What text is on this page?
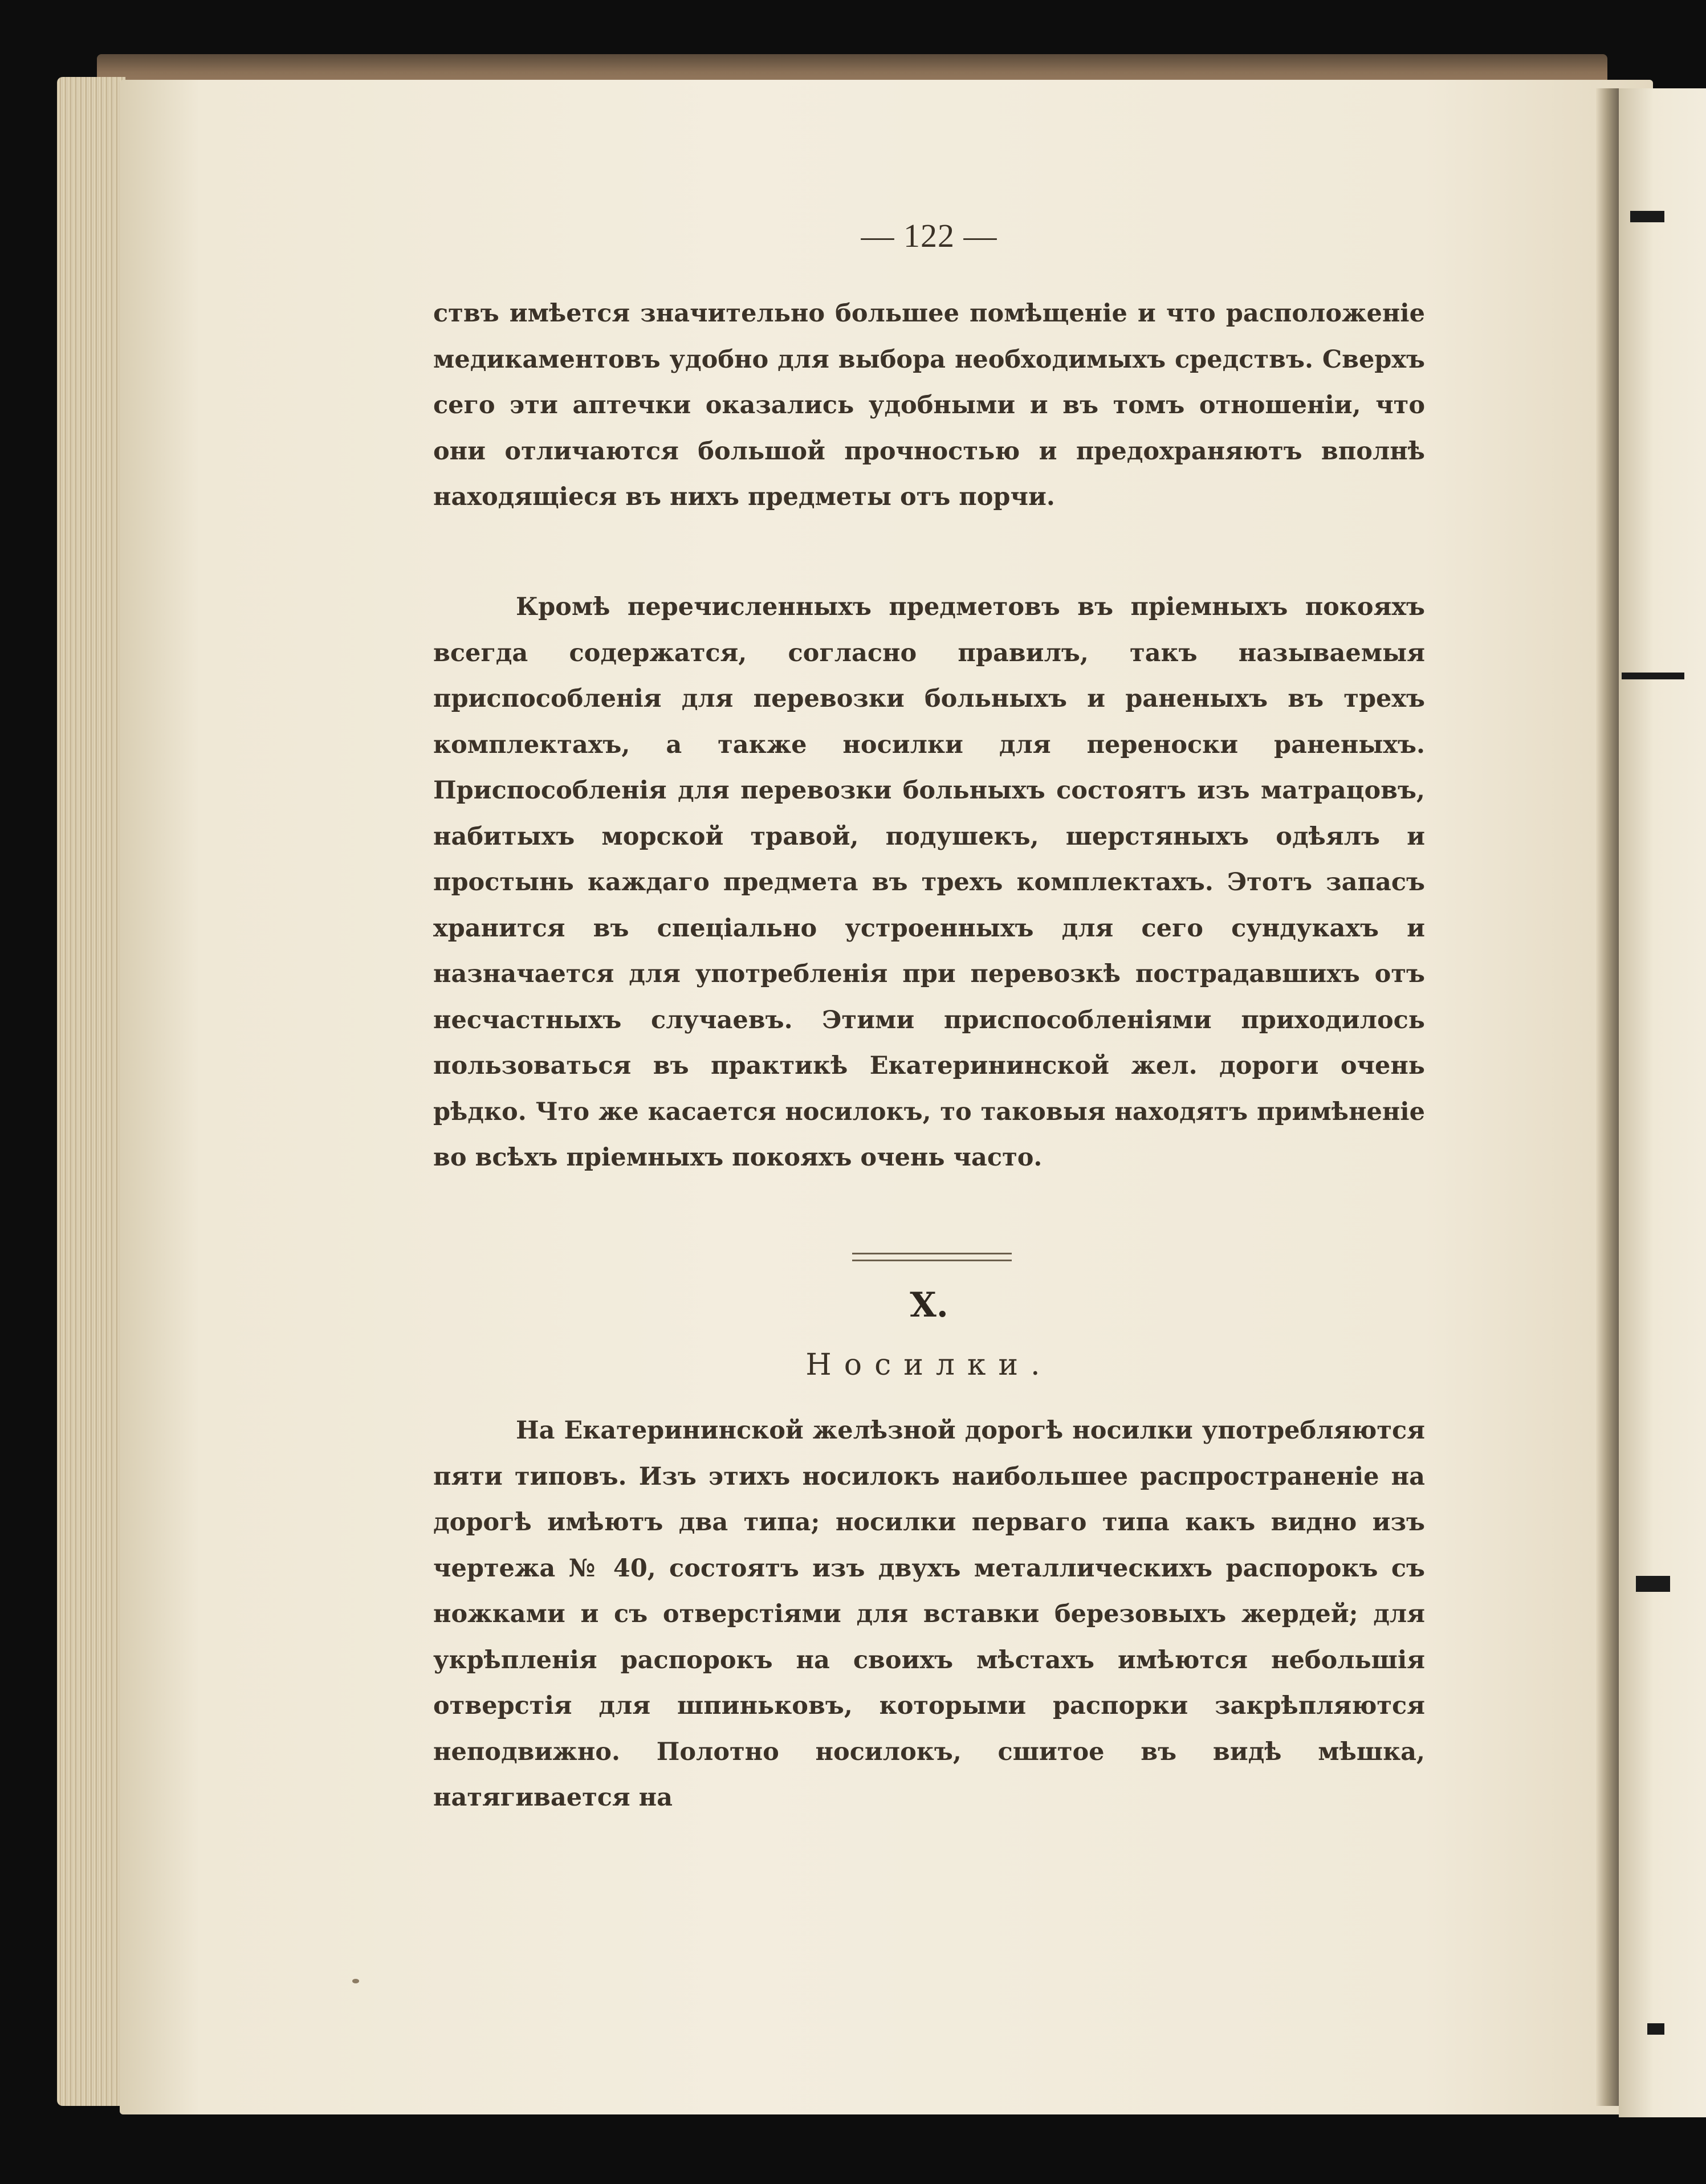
— 122 —

ствъ имѣется значительно большее помѣщеніе и что расположеніе медикаментовъ удобно для выбора необходимыхъ средствъ. Сверхъ сего эти аптечки оказались удобными и въ томъ отношеніи, что они отличаются большой прочностью и предохраняютъ вполнѣ находящіеся въ нихъ предметы отъ порчи.

Кромѣ перечисленныхъ предметовъ въ пріемныхъ покояхъ всегда содержатся, согласно правилъ, такъ называемыя приспособленія для перевозки больныхъ и раненыхъ въ трехъ комплектахъ, а также носилки для переноски раненыхъ. Приспособленія для перевозки больныхъ состоятъ изъ матрацовъ, набитыхъ морской травой, подушекъ, шерстяныхъ одѣялъ и простынь каждаго предмета въ трехъ комплектахъ. Этотъ запасъ хранится въ спеціально устроенныхъ для сего сундукахъ и назначается для употребленія при перевозкѣ пострадавшихъ отъ несчастныхъ случаевъ. Этими приспособленіями приходилось пользоваться въ практикѣ Екатерининской жел. дороги очень рѣдко. Что же касается носилокъ, то таковыя находятъ примѣненіе во всѣхъ пріемныхъ покояхъ очень часто.

X.
Носилки.

На Екатерининской желѣзной дорогѣ носилки употребляются пяти типовъ. Изъ этихъ носилокъ наибольшее распространеніе на дорогѣ имѣютъ два типа; носилки перваго типа какъ видно изъ чертежа № 40, состоятъ изъ двухъ металлическихъ распорокъ съ ножками и съ отверстіями для вставки березовыхъ жердей; для укрѣпленія распорокъ на своихъ мѣстахъ имѣются небольшія отверстія для шпиньковъ, которыми распорки закрѣпляются неподвижно. Полотно носилокъ, сшитое въ видѣ мѣшка, натягивается на
